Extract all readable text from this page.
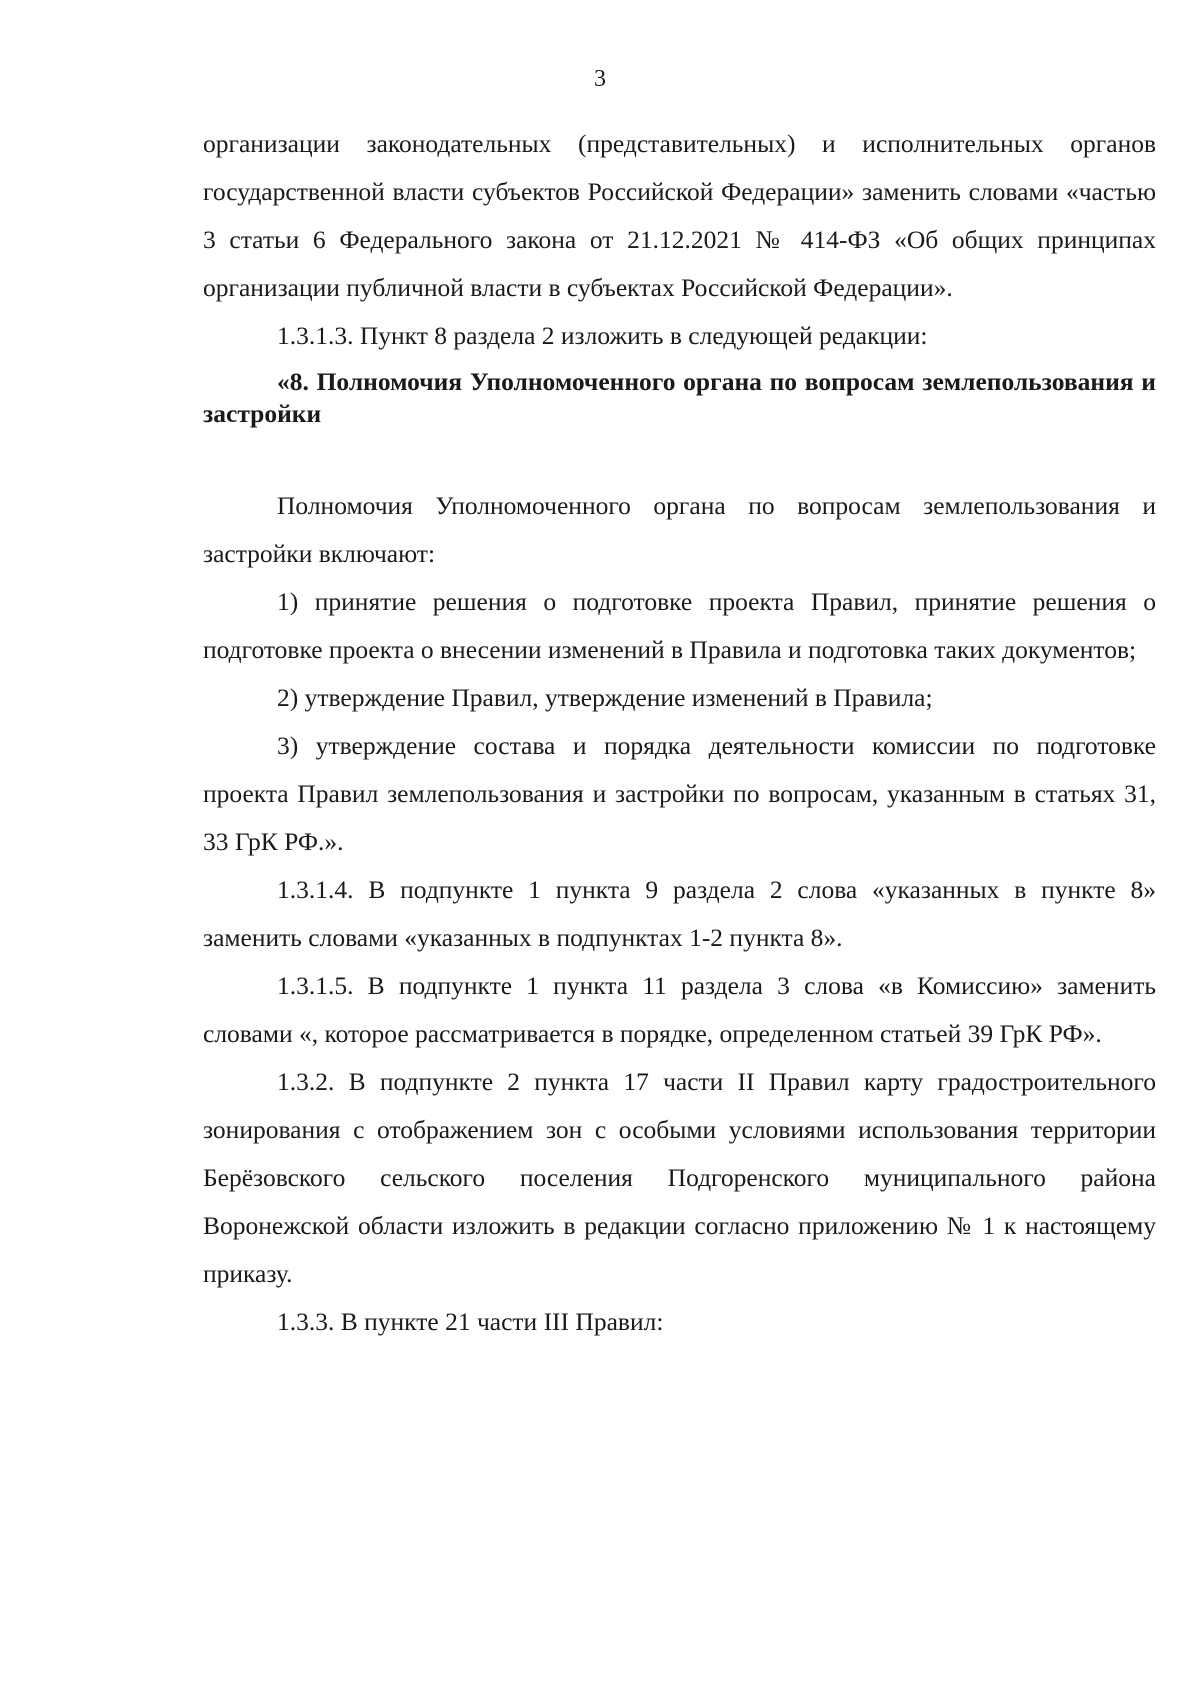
3

организации законодательных (представительных) и исполнительных органов государственной власти субъектов Российской Федерации» заменить словами «частью 3 статьи 6 Федерального закона от 21.12.2021 № 414-ФЗ «Об общих принципах организации публичной власти в субъектах Российской Федерации».

1.3.1.3. Пункт 8 раздела 2 изложить в следующей редакции:

«8. Полномочия Уполномоченного органа по вопросам землепользования и застройки

Полномочия Уполномоченного органа по вопросам землепользования и застройки включают:

1) принятие решения о подготовке проекта Правил, принятие решения о подготовке проекта о внесении изменений в Правила и подготовка таких документов;

2) утверждение Правил, утверждение изменений в Правила;

3) утверждение состава и порядка деятельности комиссии по подготовке проекта Правил землепользования и застройки по вопросам, указанным в статьях 31, 33 ГрК РФ.».

1.3.1.4. В подпункте 1 пункта 9 раздела 2 слова «указанных в пункте 8» заменить словами «указанных в подпунктах 1-2 пункта 8».

1.3.1.5. В подпункте 1 пункта 11 раздела 3 слова «в Комиссию» заменить словами «, которое рассматривается в порядке, определенном статьей 39 ГрК РФ».

1.3.2. В подпункте 2 пункта 17 части II Правил карту градостроительного зонирования с отображением зон с особыми условиями использования территории Берёзовского сельского поселения Подгоренского муниципального района Воронежской области изложить в редакции согласно приложению № 1 к настоящему приказу.

1.3.3. В пункте 21 части III Правил:
